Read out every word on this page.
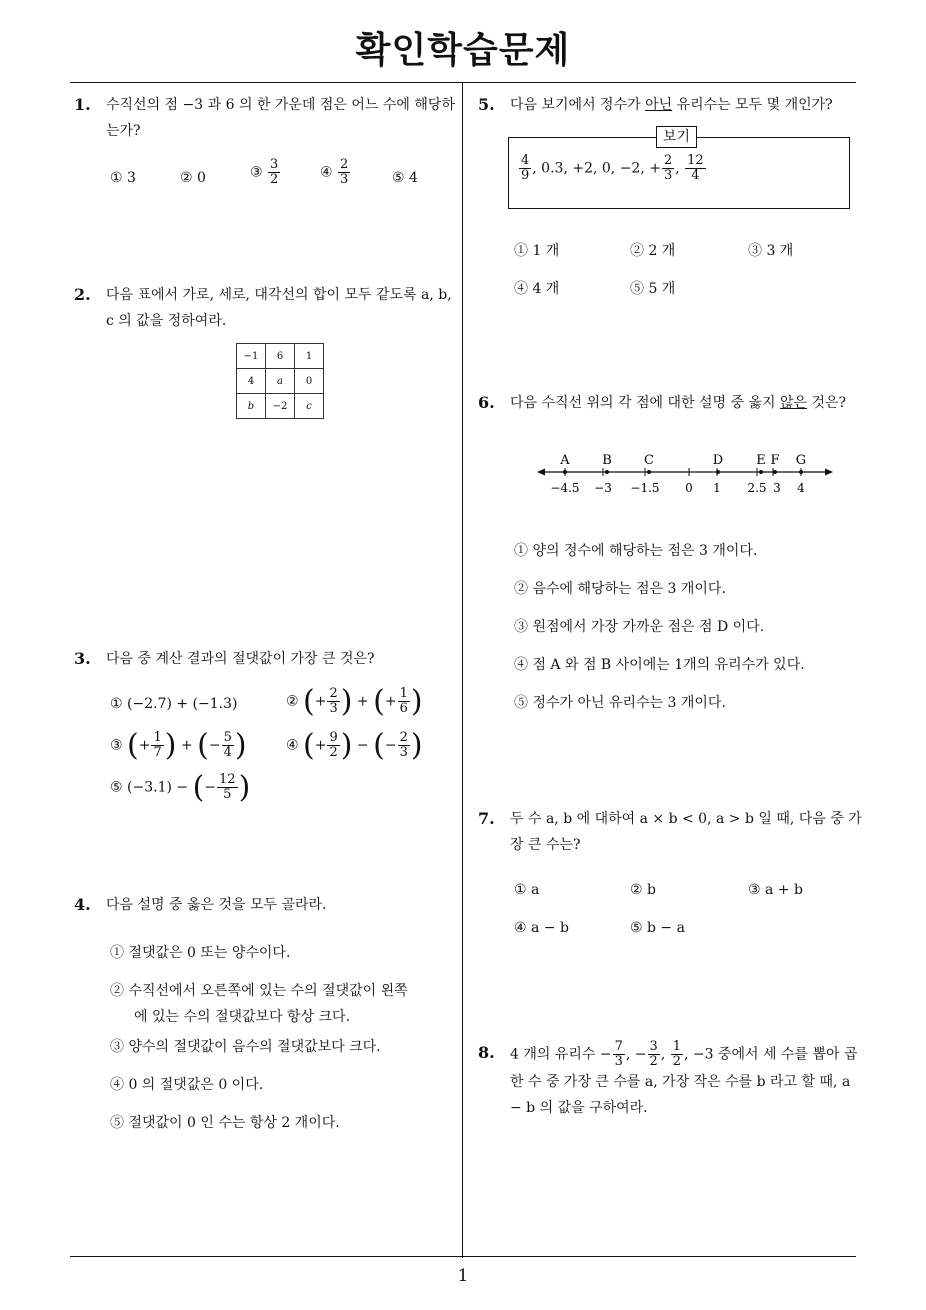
확인학습문제
1
1. 수직선의 점 −3 과 6 의 한 가운데 점은 어느 수에 해당하는가?
① 3	② 0	③ $\frac{3}{2}$	④ $\frac{2}{3}$	⑤ 4
2. 다음 표에서 가로, 세로, 대각선의 합이 모두 같도록 a, b, c 의 값을 정하여라.
−1	6	1
4	a	0
b	−2	c
3. 다음 중 계산 결과의 절댓값이 가장 큰 것은?
① (−2.7) + (−1.3)	② (+ $\frac{2}{3}$ ) + (+ $\frac{1}{6}$ )
③ (+ $\frac{1}{7}$ ) + (− $\frac{5}{4}$ )	④ (+ $\frac{9}{2}$ ) − (− $\frac{2}{3}$ )
⑤ (−3.1) − (− $\frac{12}{5}$ )
4. 다음 설명 중 옳은 것을 모두 골라라.
① 절댓값은 0 또는 양수이다.
② 수직선에서 오른쪽에 있는 수의 절댓값이 왼쪽
에 있는 수의 절댓값보다 항상 크다.
③ 양수의 절댓값이 음수의 절댓값보다 크다.
④ 0 의 절댓값은 0 이다.
⑤ 절댓값이 0 인 수는 항상 2 개이다.
5. 다음 보기에서 정수가 아닌 유리수는 모두 몇 개인가?
보기
$\frac{4}{9}$ , 0.3, +2, 0, −2, + $\frac{2}{3}$ , $\frac{12}{4}$
① 1 개	② 2 개	③ 3 개
④ 4 개	⑤ 5 개
6. 다음 수직선 위의 각 점에 대한 설명 중 옳지 않은 것은?
−4.5 −3 −1.5 0 1 2.5 3 4
A	B C	D	E F G
① 양의 정수에 해당하는 점은 3 개이다.
② 음수에 해당하는 점은 3 개이다.
③ 원점에서 가장 가까운 점은 점 D 이다.
④ 점 A 와 점 B 사이에는 1개의 유리수가 있다.
⑤ 정수가 아닌 유리수는 3 개이다.
7. 두 수 a, b 에 대하여 a × b < 0, a > b 일 때, 다음 중 가장 큰 수는?
① a	② b	③ a + b
④ a − b	⑤ b − a
8. 4 개의 유리수 − $\frac{7}{3}$ , − $\frac{3}{2}$ , $\frac{1}{2}$ , −3 중에서 세 수를 뽑아 곱한 수 중 가장 큰 수를 a, 가장 작은 수를 b 라고 할 때, a − b 의 값을 구하여라.
